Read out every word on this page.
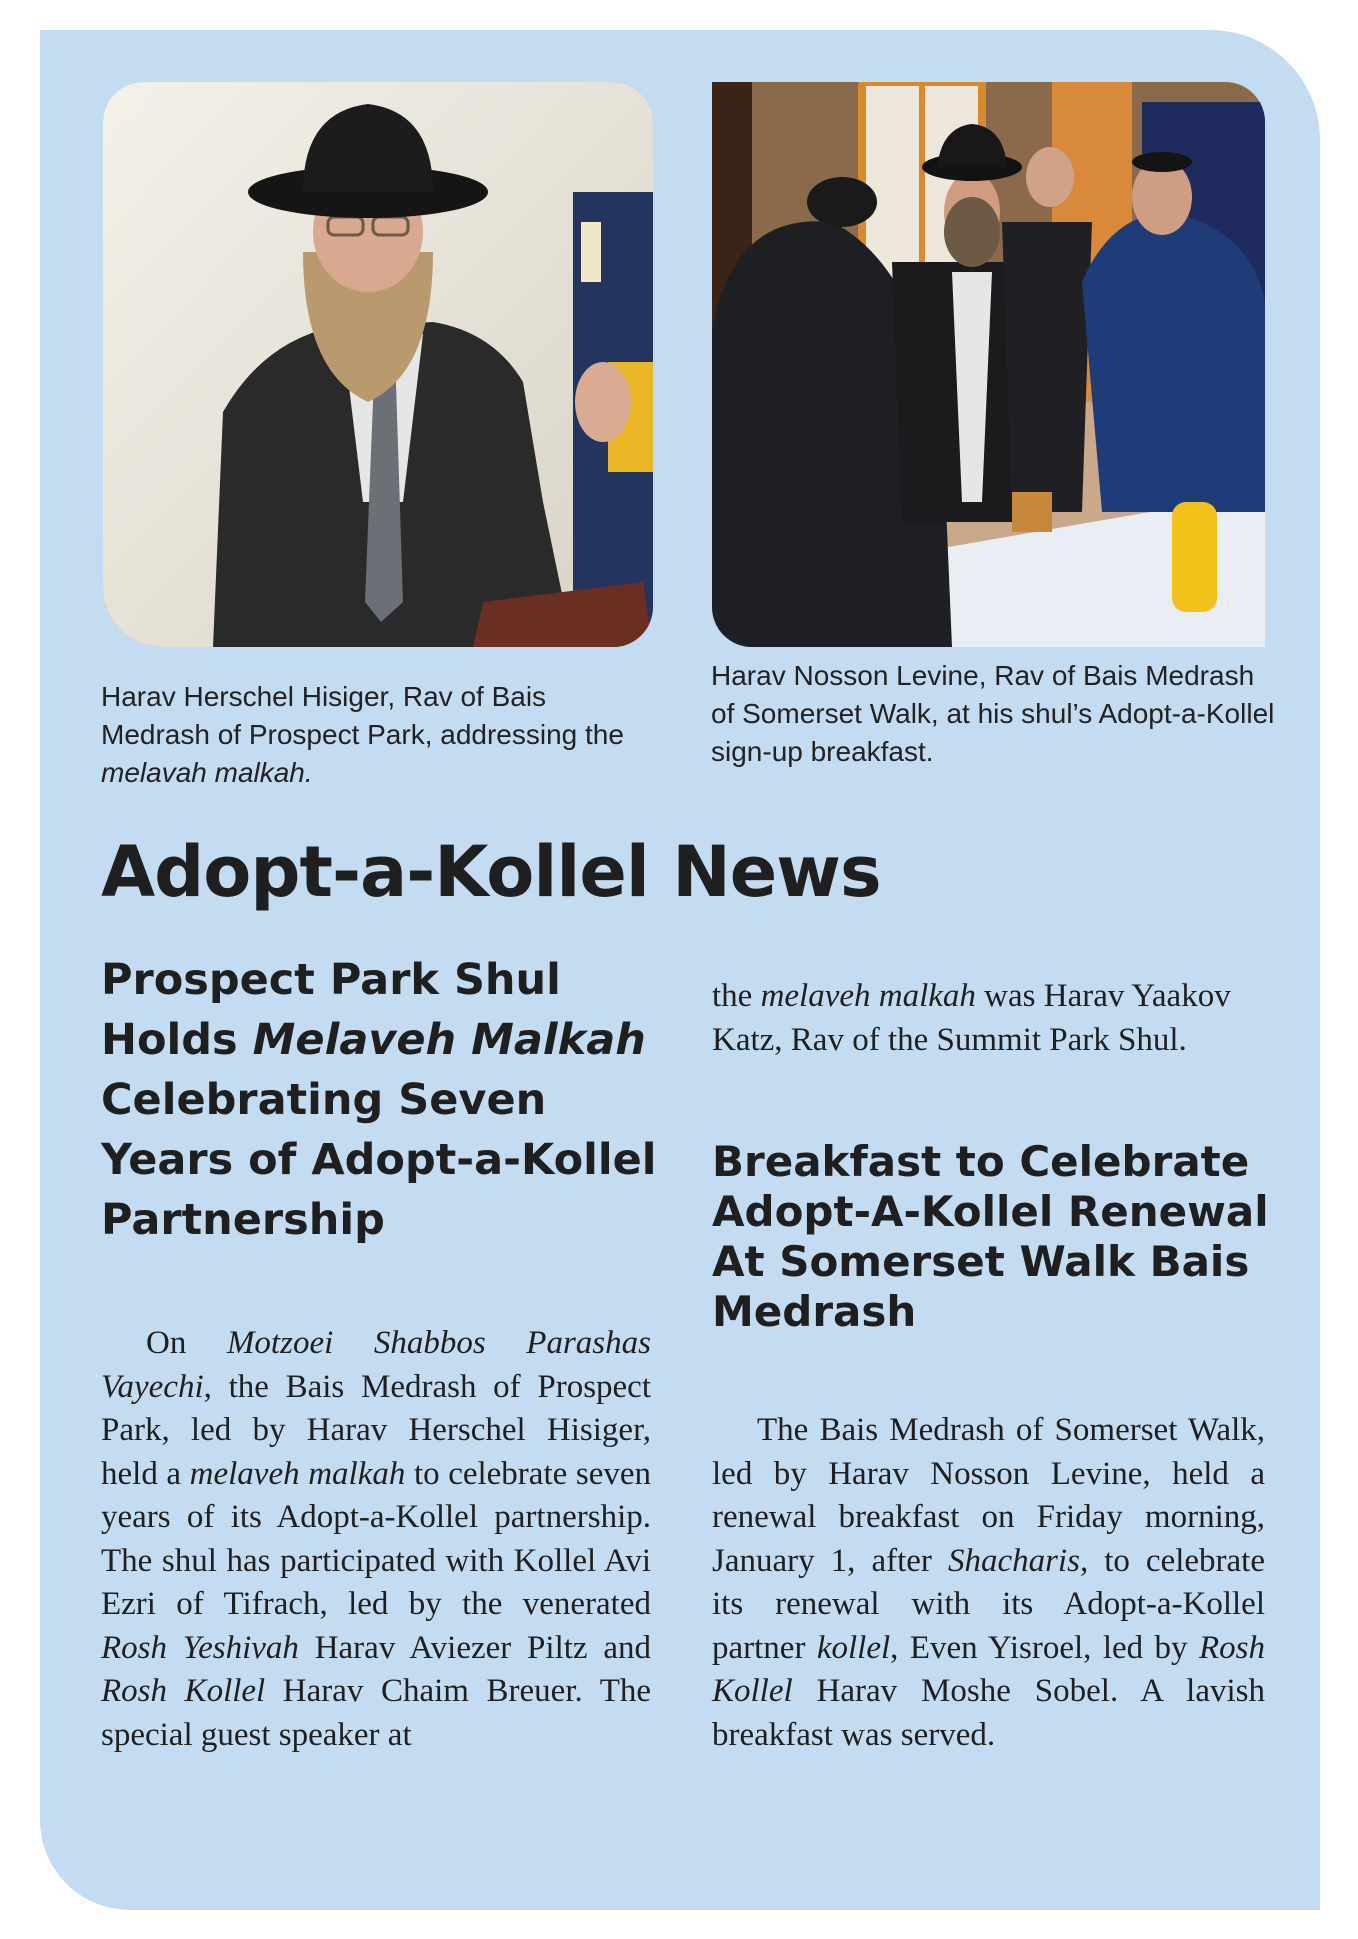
Harav Herschel Hisiger, Rav of Bais Medrash of Prospect Park, addressing the melavah malkah.

Harav Nosson Levine, Rav of Bais Medrash of Somerset Walk, at his shul’s Adopt-a-Kollel sign-up breakfast.

Adopt-a-Kollel News
Prospect Park Shul Holds Melaveh Malkah Celebrating Seven Years of Adopt-a-Kollel Partnership

On Motzoei Shabbos Parashas Vayechi, the Bais Medrash of Prospect Park, led by Harav Herschel Hisiger, held a melaveh malkah to celebrate seven years of its Adopt-a-Kollel partnership. The shul has participated with Kollel Avi Ezri of Tifrach, led by the venerated Rosh Yeshivah Harav Aviezer Piltz and Rosh Kollel Harav Chaim Breuer. The special guest speaker at

the melaveh malkah was Harav Yaakov Katz, Rav of the Summit Park Shul.

Breakfast to Celebrate Adopt-A-Kollel Renewal At Somerset Walk Bais Medrash

The Bais Medrash of Somerset Walk, led by Harav Nosson Levine, held a renewal breakfast on Friday morning, January 1, after Shacharis, to celebrate its renewal with its Adopt-a-Kollel partner kollel, Even Yisroel, led by Rosh Kollel Harav Moshe Sobel. A lavish breakfast was served.
